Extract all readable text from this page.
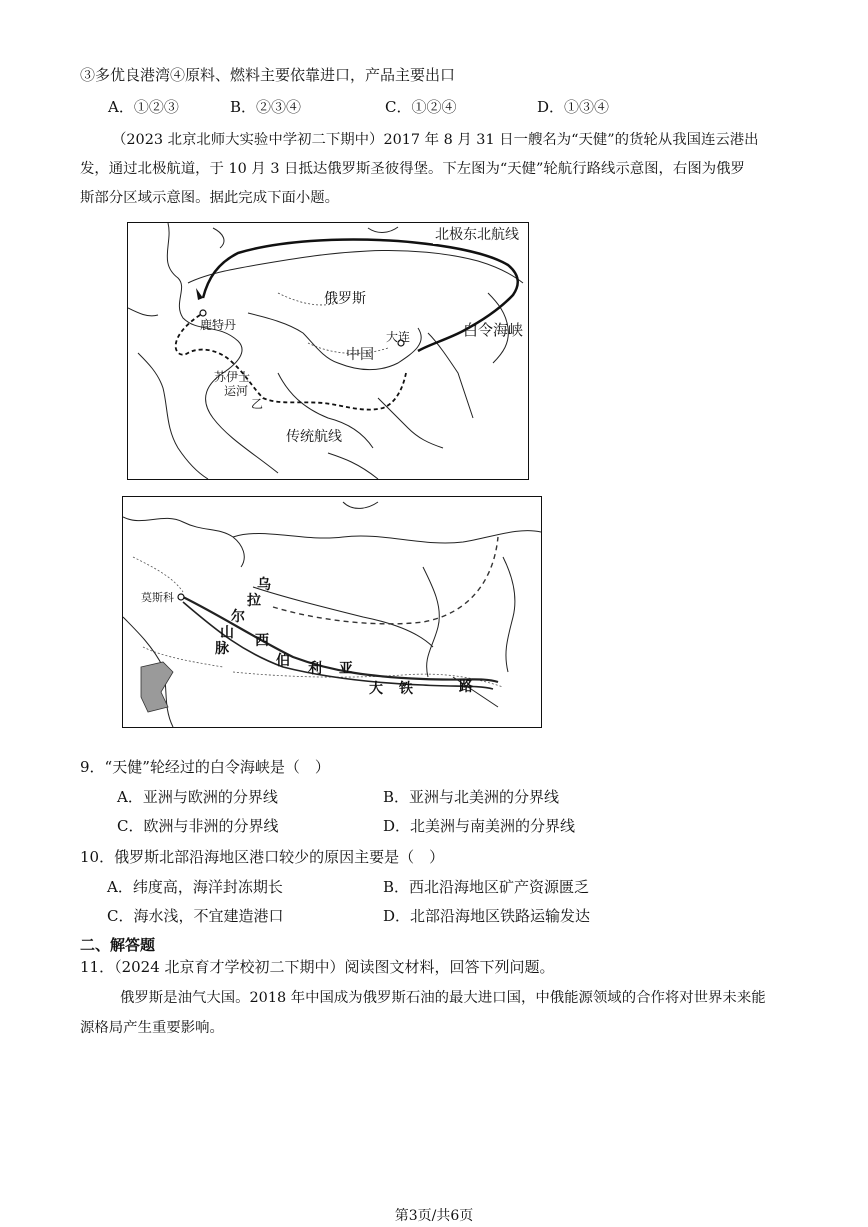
③多优良港湾④原料、燃料主要依靠进口，产品主要出口
A．①②③	B．②③④	C．①②④	D．①③④
（2023 北京北师大实验中学初二下期中）2017 年 8 月 31 日一艘名为“天健”的货轮从我国连云港出
发，通过北极航道，于 10 月 3 日抵达俄罗斯圣彼得堡。下左图为“天健”轮航行路线示意图，右图为俄罗
斯部分区域示意图。据此完成下面小题。
北极东北航线
俄罗斯
鹿特丹
中国
大连	白令海峡
苏伊士
运河
乙
传统航线
莫斯科
乌
拉
尔
山
脉 西
伯 利 亚
大 铁	路
9．“天健”轮经过的白令海峡是（　）
A．亚洲与欧洲的分界线	B．亚洲与北美洲的分界线
C．欧洲与非洲的分界线	D．北美洲与南美洲的分界线
10．俄罗斯北部沿海地区港口较少的原因主要是（　）
A．纬度高，海洋封冻期长	B．西北沿海地区矿产资源匮乏
C．海水浅，不宜建造港口	D．北部沿海地区铁路运输发达
二、解答题
11．（2024 北京育才学校初二下期中）阅读图文材料，回答下列问题。
俄罗斯是油气大国。2018 年中国成为俄罗斯石油的最大进口国，中俄能源领域的合作将对世界未来能
源格局产生重要影响。
第3页/共6页
